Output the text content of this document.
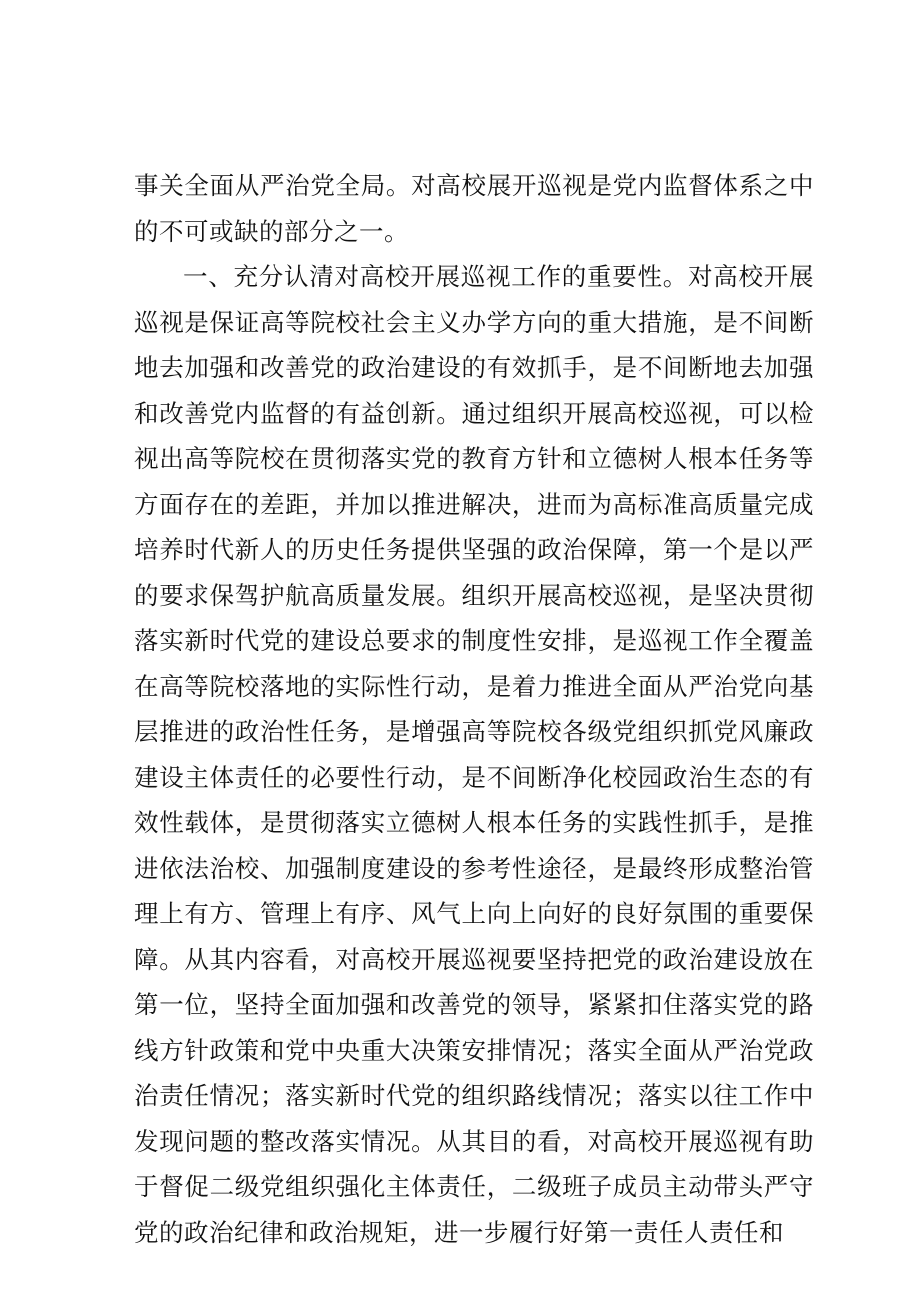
事关全面从严治党全局。对高校展开巡视是党内监督体系之中的不可或缺的部分之一。

一、充分认清对高校开展巡视工作的重要性。对高校开展巡视是保证高等院校社会主义办学方向的重大措施，是不间断地去加强和改善党的政治建设的有效抓手，是不间断地去加强和改善党内监督的有益创新。通过组织开展高校巡视，可以检视出高等院校在贯彻落实党的教育方针和立德树人根本任务等方面存在的差距，并加以推进解决，进而为高标准高质量完成培养时代新人的历史任务提供坚强的政治保障，第一个是以严的要求保驾护航高质量发展。组织开展高校巡视，是坚决贯彻落实新时代党的建设总要求的制度性安排，是巡视工作全覆盖在高等院校落地的实际性行动，是着力推进全面从严治党向基层推进的政治性任务，是增强高等院校各级党组织抓党风廉政建设主体责任的必要性行动，是不间断净化校园政治生态的有效性载体，是贯彻落实立德树人根本任务的实践性抓手，是推进依法治校、加强制度建设的参考性途径，是最终形成整治管理上有方、管理上有序、风气上向上向好的良好氛围的重要保障。从其内容看，对高校开展巡视要坚持把党的政治建设放在第一位，坚持全面加强和改善党的领导，紧紧扣住落实党的路线方针政策和党中央重大决策安排情况；落实全面从严治党政治责任情况；落实新时代党的组织路线情况；落实以往工作中发现问题的整改落实情况。从其目的看，对高校开展巡视有助于督促二级党组织强化主体责任，二级班子成员主动带头严守党的政治纪律和政治规矩，进一步履行好第一责任人责任和
